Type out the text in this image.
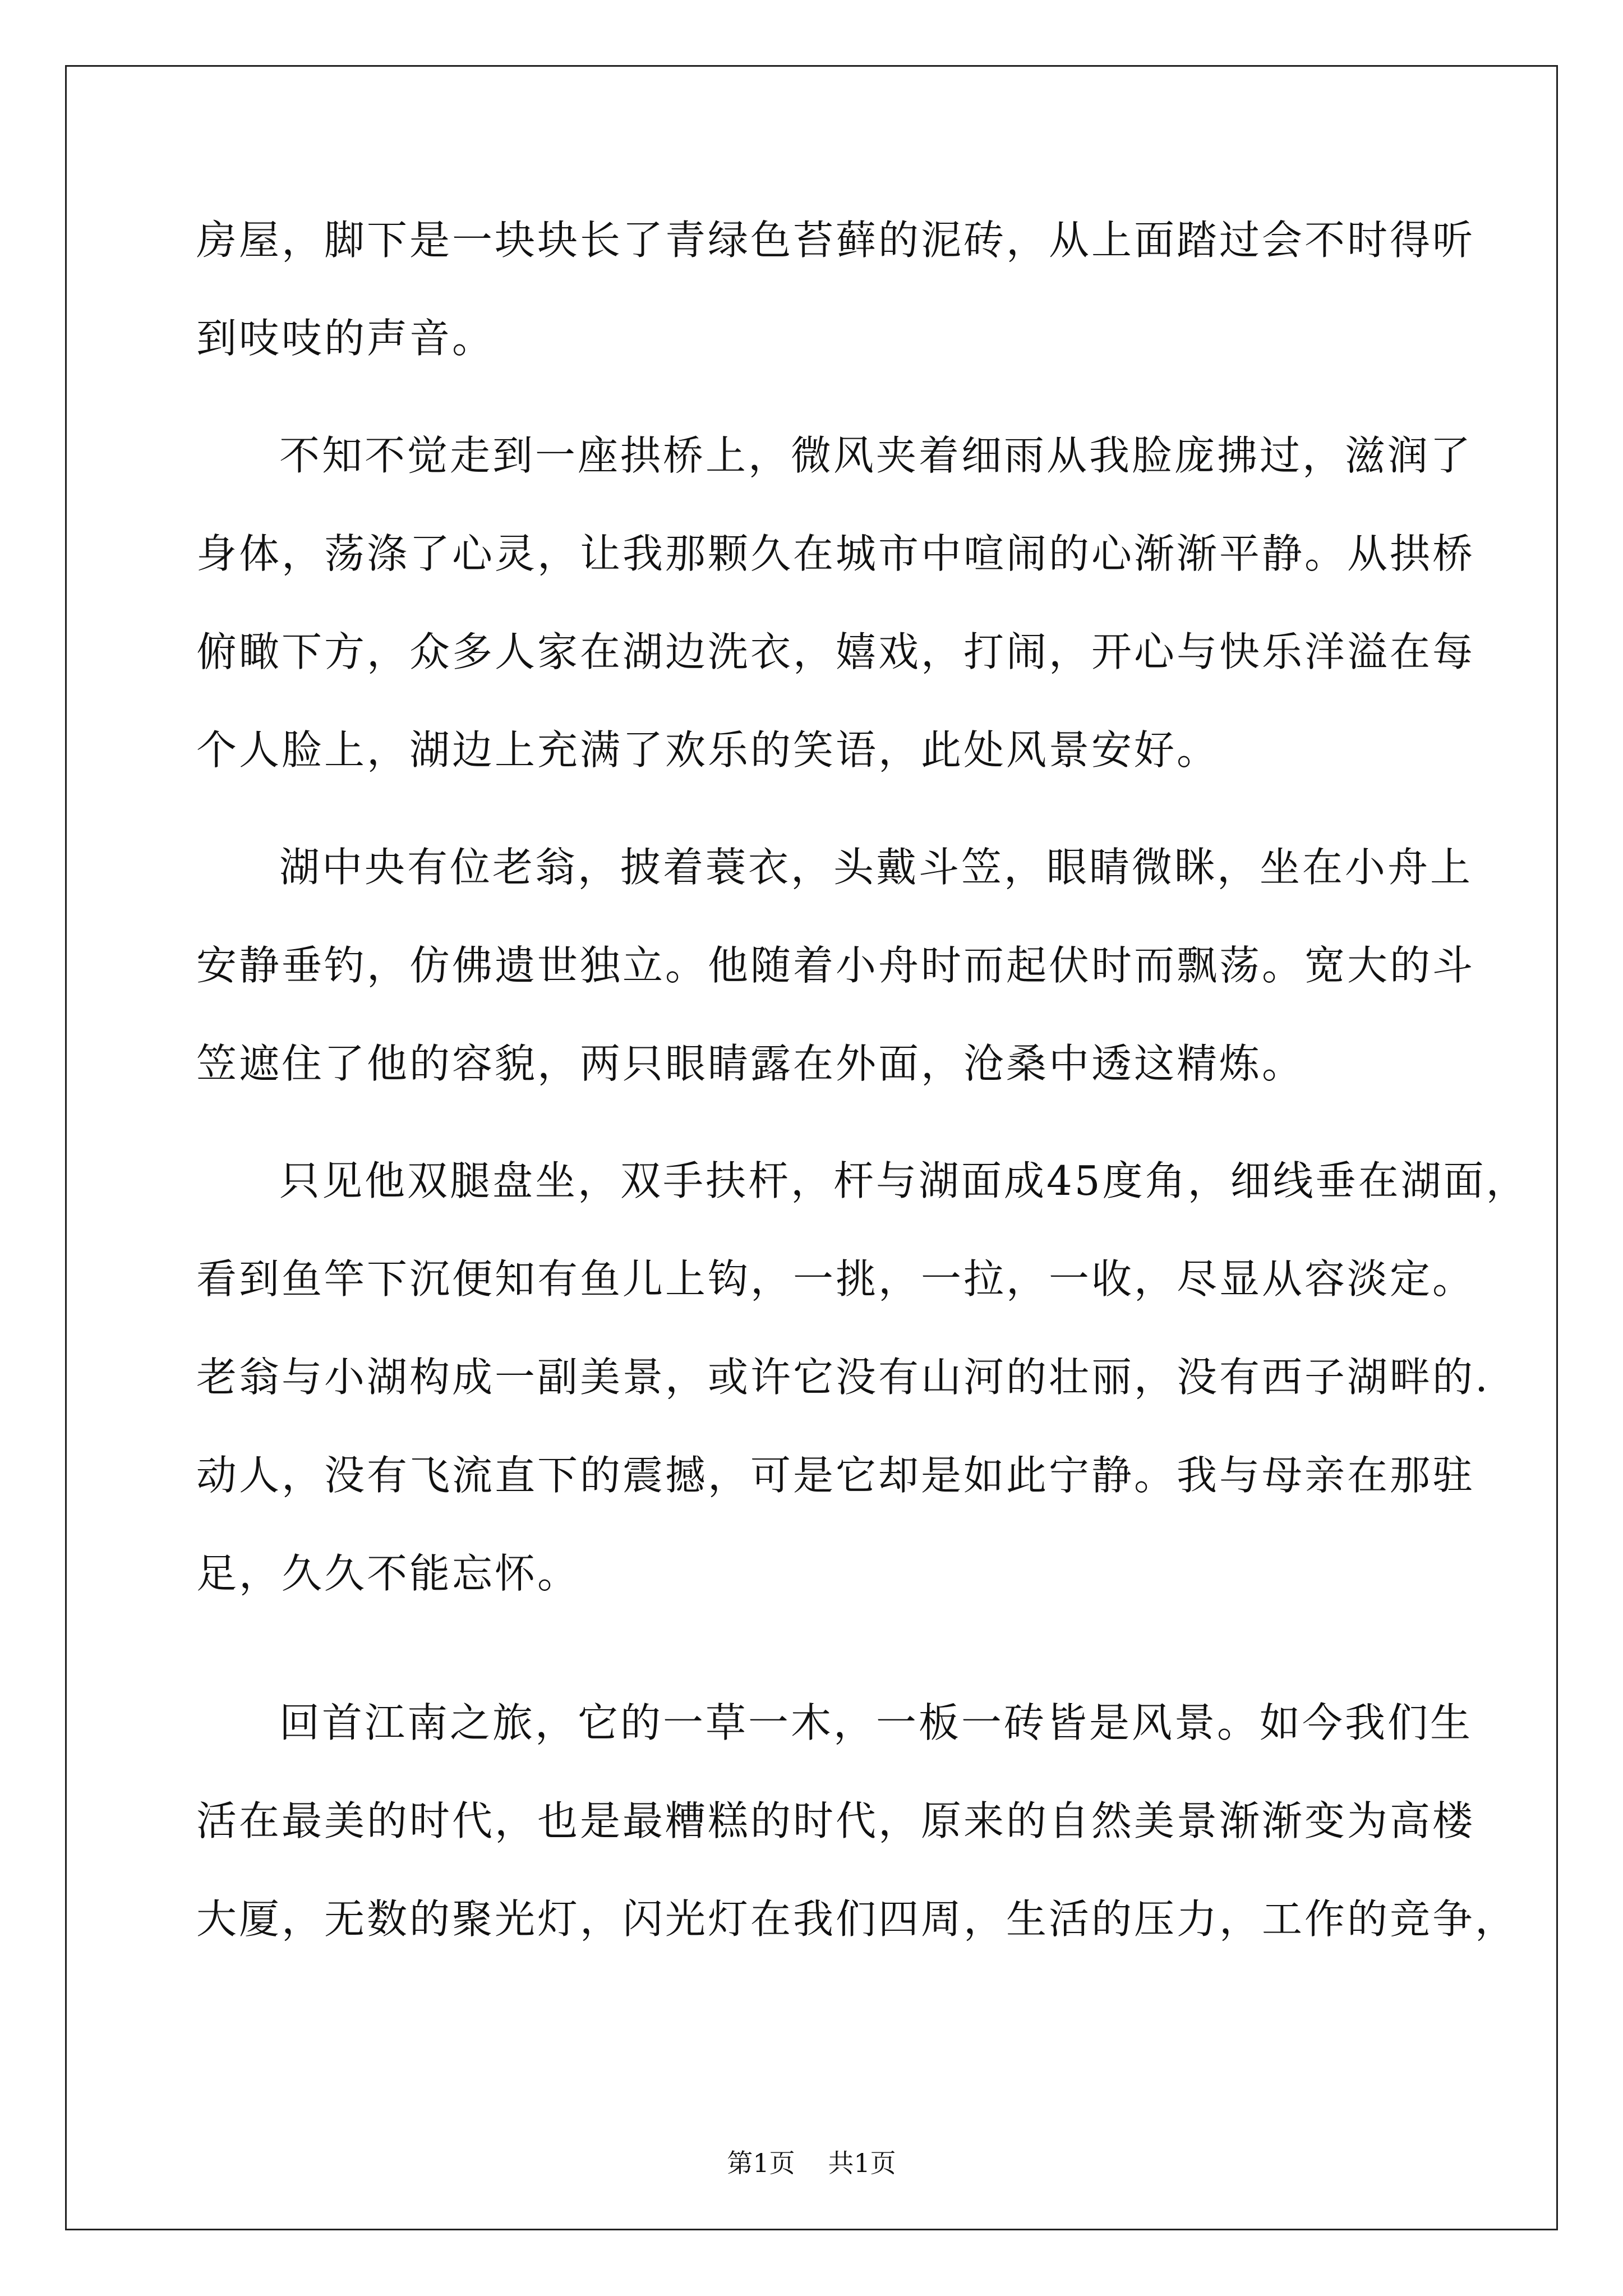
房屋，脚下是一块块长了青绿色苔藓的泥砖，从上面踏过会不时得听
到吱吱的声音。
不知不觉走到一座拱桥上，微风夹着细雨从我脸庞拂过，滋润了
身体，荡涤了心灵，让我那颗久在城市中喧闹的心渐渐平静。从拱桥
俯瞰下方，众多人家在湖边洗衣，嬉戏，打闹，开心与快乐洋溢在每
个人脸上，湖边上充满了欢乐的笑语，此处风景安好。
湖中央有位老翁，披着蓑衣，头戴斗笠，眼睛微眯，坐在小舟上
安静垂钓，仿佛遗世独立。他随着小舟时而起伏时而飘荡。宽大的斗
笠遮住了他的容貌，两只眼睛露在外面，沧桑中透这精炼。
只见他双腿盘坐，双手扶杆，杆与湖面成45度角，细线垂在湖面，
看到鱼竿下沉便知有鱼儿上钩，一挑，一拉，一收，尽显从容淡定。
老翁与小湖构成一副美景，或许它没有山河的壮丽，没有西子湖畔的.
动人，没有飞流直下的震撼，可是它却是如此宁静。我与母亲在那驻
足，久久不能忘怀。
回首江南之旅，它的一草一木，一板一砖皆是风景。如今我们生
活在最美的时代，也是最糟糕的时代，原来的自然美景渐渐变为高楼
大厦，无数的聚光灯，闪光灯在我们四周，生活的压力，工作的竞争，
第1页 共1页
